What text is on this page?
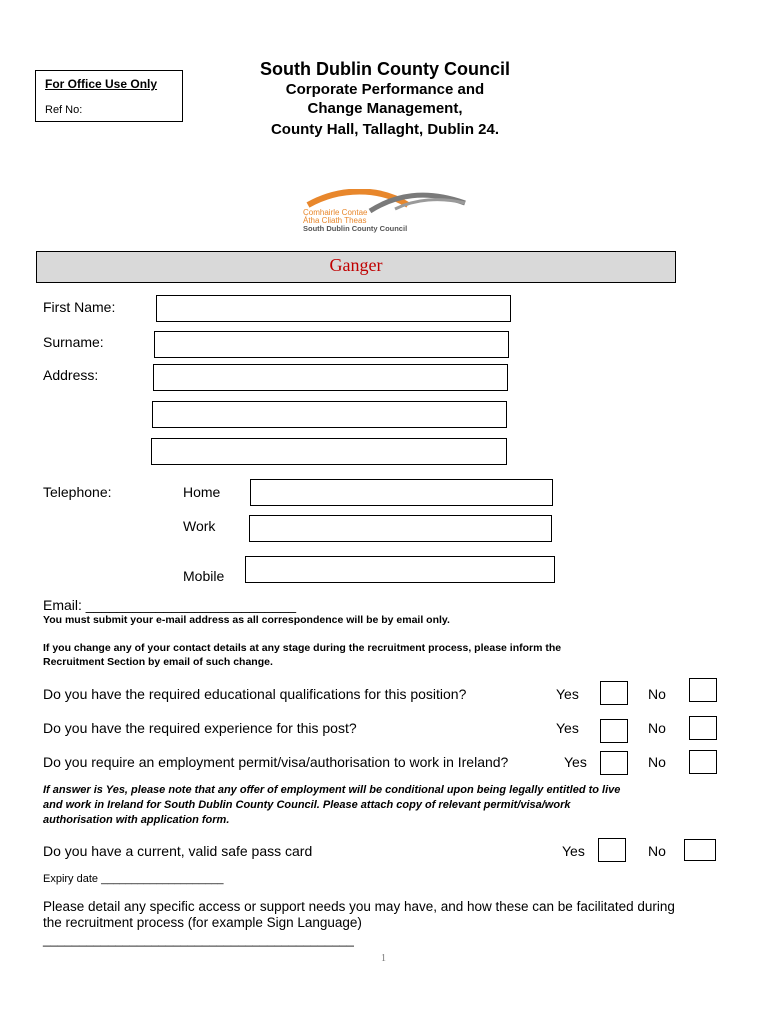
For Office Use Only
Ref No:
South Dublin County Council
Corporate Performance and
Change Management,
County Hall, Tallaght, Dublin 24.
Comhairle Contae
Átha Cliath Theas
South Dublin County Council
Ganger
First Name:
Surname:
Address:
Telephone:	Home
Work
Mobile
Email: ___________________________
You must submit your e-mail address as all correspondence will be by email only.
If you change any of your contact details at any stage during the recruitment process, please inform the
Recruitment Section by email of such change.
Do you have the required educational qualifications for this position?	Yes	No
Do you have the required experience for this post?	Yes	No
Do you require an employment permit/visa/authorisation to work in Ireland?	Yes	No
If answer is Yes, please note that any offer of employment will be conditional upon being legally entitled to live
and work in Ireland for South Dublin County Council. Please attach copy of relevant permit/visa/work
authorisation with application form.
Do you have a current, valid safe pass card	Yes	No
Expiry date ____________________
Please detail any specific access or support needs you may have, and how these can be facilitated during
the recruitment process (for example Sign Language)
___________________________________________
1
